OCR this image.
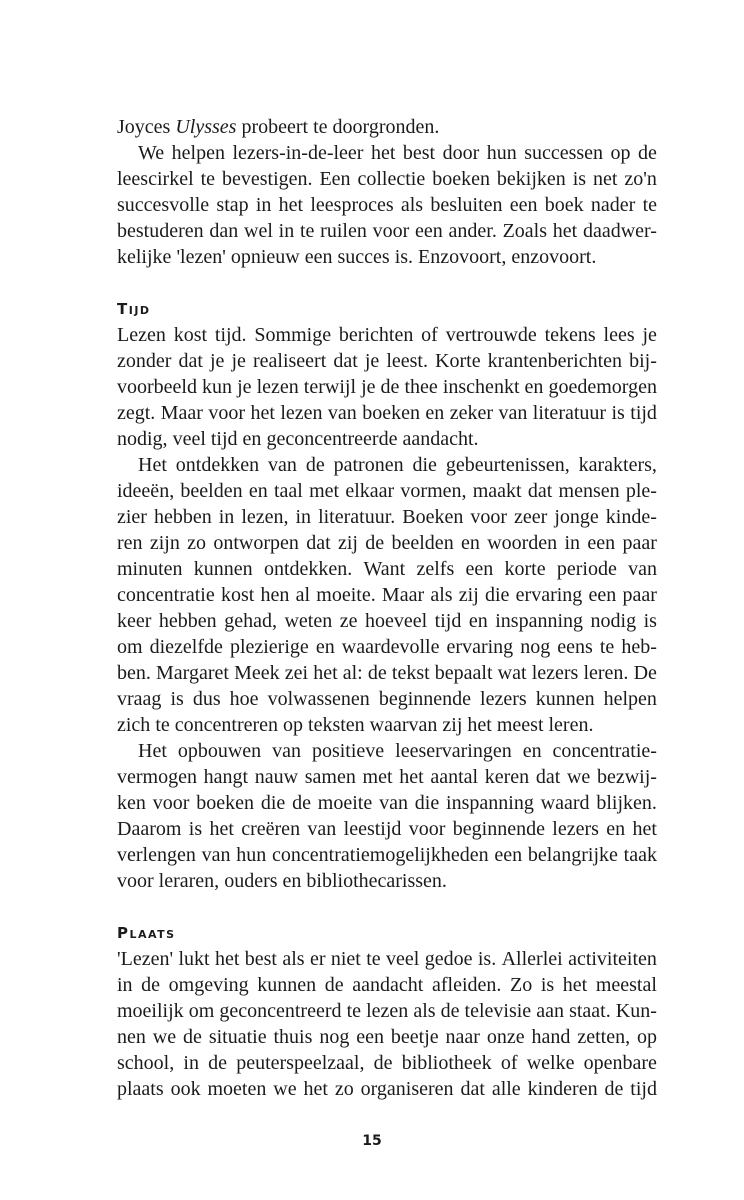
Joyces Ulysses probeert te doorgronden.
We helpen lezers-in-de-leer het best door hun successen op de
leescirkel te bevestigen. Een collectie boeken bekijken is net zo'n
succesvolle stap in het leesproces als besluiten een boek nader te
bestuderen dan wel in te ruilen voor een ander. Zoals het daadwer-
kelijke 'lezen' opnieuw een succes is. Enzovoort, enzovoort.
Tijd
Lezen kost tijd. Sommige berichten of vertrouwde tekens lees je
zonder dat je je realiseert dat je leest. Korte krantenberichten bij-
voorbeeld kun je lezen terwijl je de thee inschenkt en goedemorgen
zegt. Maar voor het lezen van boeken en zeker van literatuur is tijd
nodig, veel tijd en geconcentreerde aandacht.
Het ontdekken van de patronen die gebeurtenissen, karakters,
ideeën, beelden en taal met elkaar vormen, maakt dat mensen ple-
zier hebben in lezen, in literatuur. Boeken voor zeer jonge kinde-
ren zijn zo ontworpen dat zij de beelden en woorden in een paar
minuten kunnen ontdekken. Want zelfs een korte periode van
concentratie kost hen al moeite. Maar als zij die ervaring een paar
keer hebben gehad, weten ze hoeveel tijd en inspanning nodig is
om diezelfde plezierige en waardevolle ervaring nog eens te heb-
ben. Margaret Meek zei het al: de tekst bepaalt wat lezers leren. De
vraag is dus hoe volwassenen beginnende lezers kunnen helpen
zich te concentreren op teksten waarvan zij het meest leren.
Het opbouwen van positieve leeservaringen en concentratie-
vermogen hangt nauw samen met het aantal keren dat we bezwij-
ken voor boeken die de moeite van die inspanning waard blijken.
Daarom is het creëren van leestijd voor beginnende lezers en het
verlengen van hun concentratiemogelijkheden een belangrijke taak
voor leraren, ouders en bibliothecarissen.
Plaats
'Lezen' lukt het best als er niet te veel gedoe is. Allerlei activiteiten
in de omgeving kunnen de aandacht afleiden. Zo is het meestal
moeilijk om geconcentreerd te lezen als de televisie aan staat. Kun-
nen we de situatie thuis nog een beetje naar onze hand zetten, op
school, in de peuterspeelzaal, de bibliotheek of welke openbare
plaats ook moeten we het zo organiseren dat alle kinderen de tijd
15
